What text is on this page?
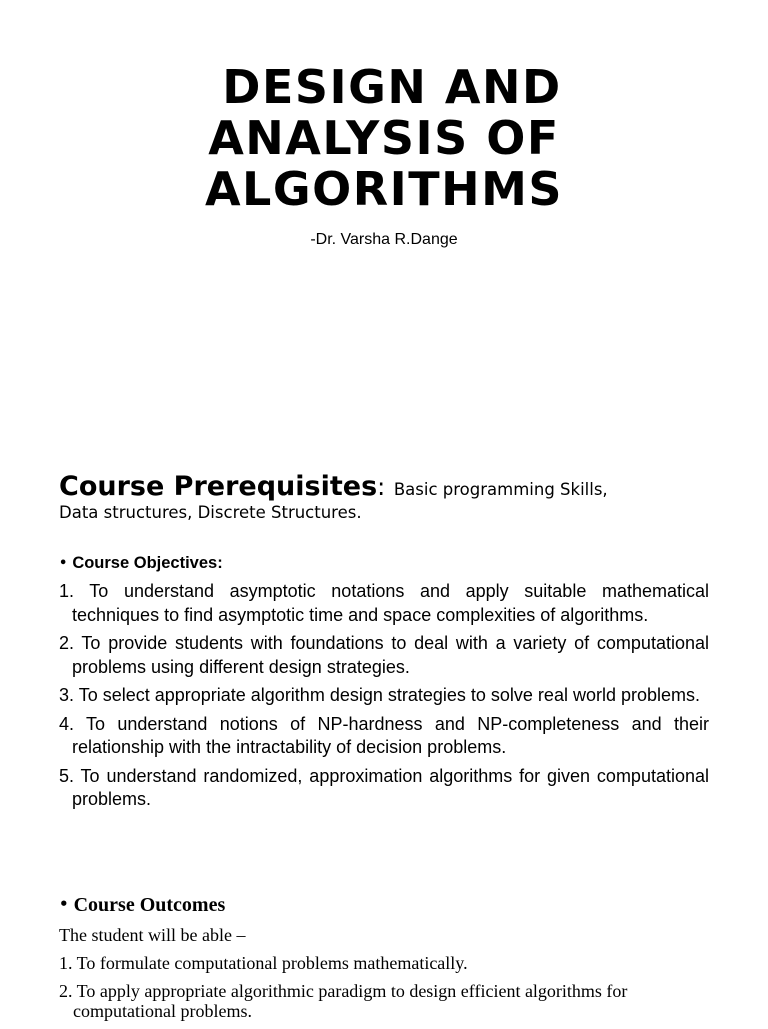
DESIGN AND
ANALYSIS OF
ALGORITHMS
-Dr. Varsha R.Dange
Course Prerequisites: Basic programming Skills,
Data structures, Discrete Structures.
• Course Objectives:
1. To understand asymptotic notations and apply suitable mathematical techniques to find asymptotic time and space complexities of algorithms.
2. To provide students with foundations to deal with a variety of computational problems using different design strategies.
3. To select appropriate algorithm design strategies to solve real world problems.
4. To understand notions of NP-hardness and NP-completeness and their relationship with the intractability of decision problems.
5. To understand randomized, approximation algorithms for given computational problems.
• Course Outcomes
The student will be able –
1. To formulate computational problems mathematically.
2. To apply appropriate algorithmic paradigm to design efficient algorithms for computational problems.
